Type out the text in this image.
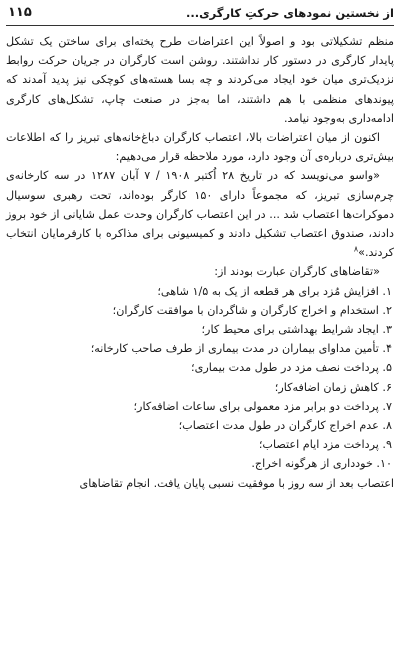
از نخستین نمودهای حرکتِ کارگری...
۱۱۵

منظم تشکیلاتی بود و اصولاً این اعتراضات طرح پخته‌ای برای ساختن یک تشکل پایدار کارگری در دستور کار نداشتند. روشن است کارگران در جریان حرکت روابط نزدیک‌تری میان خود ایجاد می‌کردند و چه بسا هسته‌های کوچکی نیز پدید آمدند که پیوندهای منظمی با هم داشتند، اما به‌جز در صنعت چاپ، تشکل‌های کارگری ادامه‌داری به‌وجود نیامد.

اکنون از میان اعتراضات بالا، اعتصاب کارگران دباغ‌خانه‌های تبریز را که اطلاعات بیش‌تری درباره‌ی آن وجود دارد، مورد ملاحظه قرار می‌دهیم:

«واسو می‌نویسد که در تاریخ ۲۸ اُکتبر ۱۹۰۸ / ۷ آبان ۱۲۸۷ در سه کارخانه‌ی چرم‌سازی تبریز، که مجموعاً دارای ۱۵۰ کارگر بوده‌اند، تحت رهبری سوسیال دموکرات‌ها اعتصاب شد ... در این اعتصاب کارگران وحدت عمل شایانی از خود بروز دادند، صندوق اعتصاب تشکیل دادند و کمیسیونی برای مذاکره با کارفرمایان انتخاب کردند.»$^۸$

«تقاضاهای کارگران عبارت بودند از:

۱. افزایش مُزد برای هر قطعه از یک به ۱/۵ شاهی؛

۲. استخدام و اخراج کارگران و شاگردان با موافقت کارگران؛

۳. ایجاد شرایط بهداشتی برای محیط کار؛

۴. تأمین مداوای بیماران در مدت بیماری از طرف صاحب کارخانه؛

۵. پرداخت نصف مزد در طول مدت بیماری؛

۶. کاهش زمان اضافه‌کار؛

۷. پرداخت دو برابر مزد معمولی برای ساعات اضافه‌کار؛

۸. عدم اخراج کارگران در طول مدت اعتصاب؛

۹. پرداخت مزد ایام اعتصاب؛

۱۰. خودداری از هرگونه اخراج.

اعتصاب بعد از سه روز با موفقیت نسبی پایان یافت. انجام تقاضاهای
